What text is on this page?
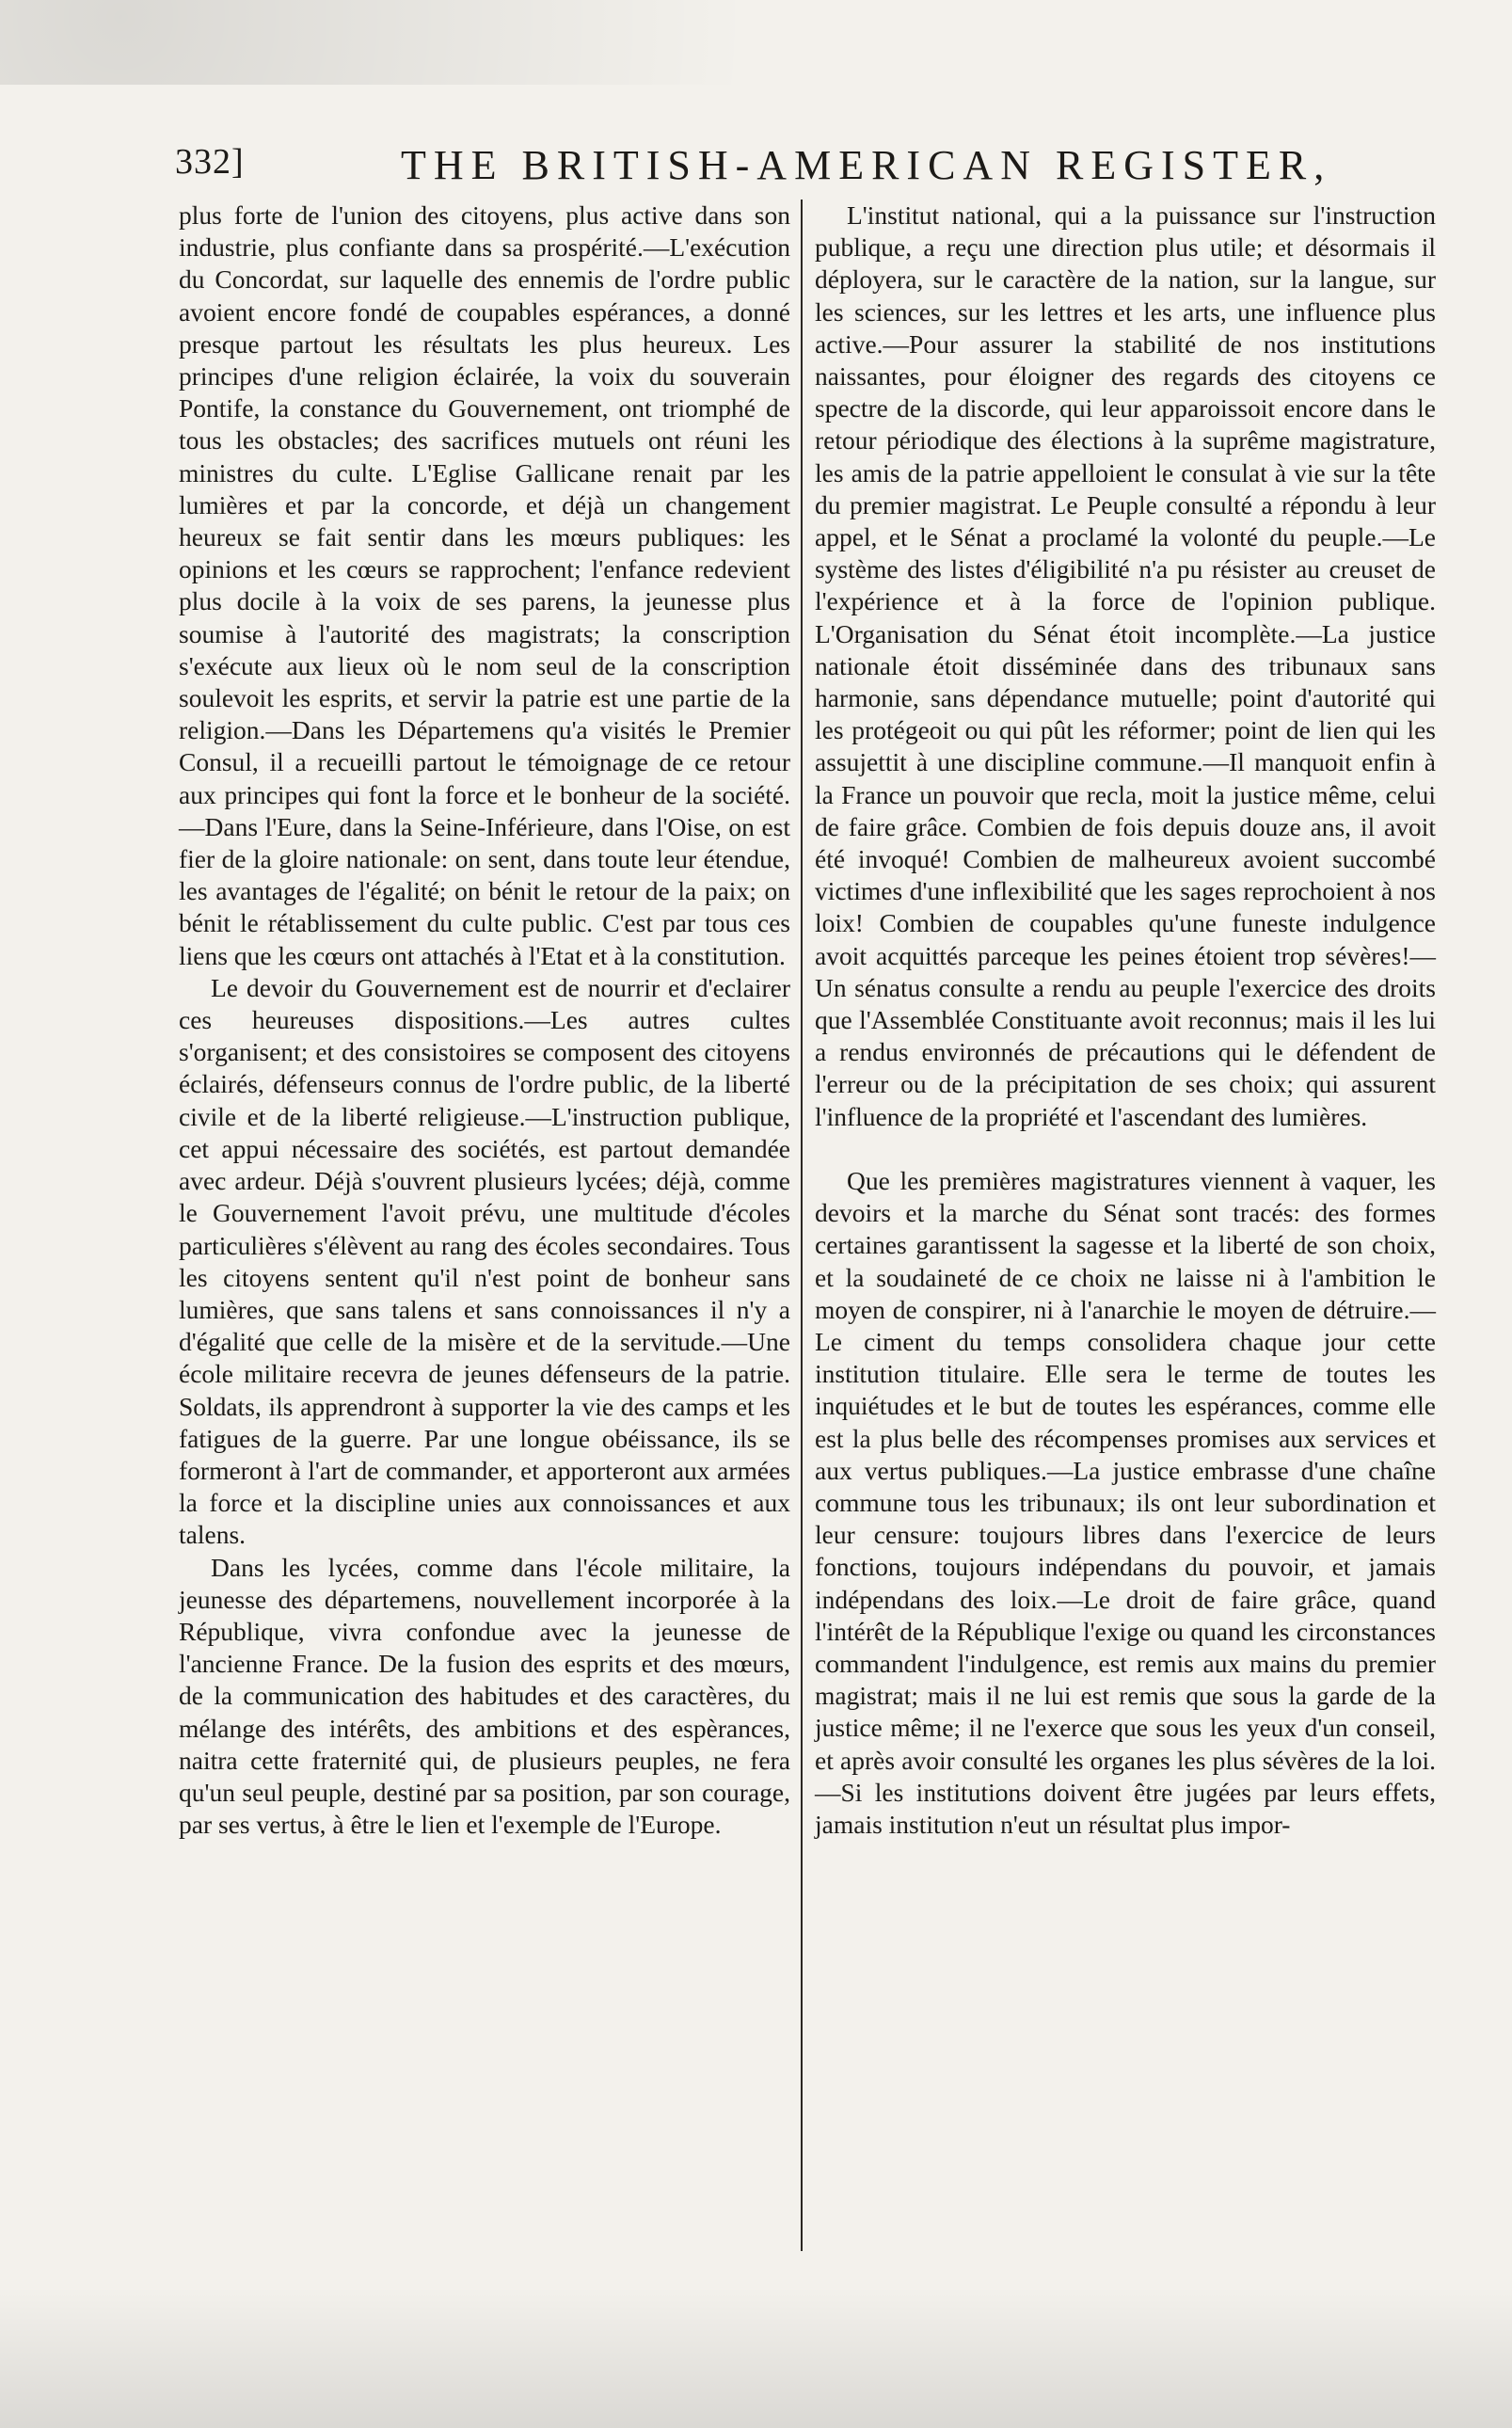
332]	THE BRITISH-AMERICAN REGISTER,

plus forte de l'union des citoyens, plus active dans son industrie, plus confiante dans sa prospérité.—L'exécution du Concordat, sur laquelle des ennemis de l'ordre public avoient encore fondé de coupables espérances, a donné presque partout les résultats les plus heureux. Les principes d'une religion éclairée, la voix du souverain Pontife, la constance du Gouvernement, ont triomphé de tous les obstacles; des sacrifices mutuels ont réuni les ministres du culte. L'Eglise Gallicane renait par les lumières et par la concorde, et déjà un changement heureux se fait sentir dans les mœurs publiques: les opinions et les cœurs se rapprochent; l'enfance redevient plus docile à la voix de ses parens, la jeunesse plus soumise à l'autorité des magistrats; la conscription s'exécute aux lieux où le nom seul de la conscription soulevoit les esprits, et servir la patrie est une partie de la religion.—Dans les Départemens qu'a visités le Premier Consul, il a recueilli partout le témoignage de ce retour aux principes qui font la force et le bonheur de la société.—Dans l'Eure, dans la Seine-Inférieure, dans l'Oise, on est fier de la gloire nationale: on sent, dans toute leur étendue, les avantages de l'égalité; on bénit le retour de la paix; on bénit le rétablissement du culte public. C'est par tous ces liens que les cœurs ont attachés à l'Etat et à la constitution.

Le devoir du Gouvernement est de nourrir et d'eclairer ces heureuses dispositions.—Les autres cultes s'organisent; et des consistoires se composent des citoyens éclairés, défenseurs connus de l'ordre public, de la liberté civile et de la liberté religieuse.—L'instruction publique, cet appui nécessaire des sociétés, est partout demandée avec ardeur. Déjà s'ouvrent plusieurs lycées; déjà, comme le Gouvernement l'avoit prévu, une multitude d'écoles particulières s'élèvent au rang des écoles secondaires. Tous les citoyens sentent qu'il n'est point de bonheur sans lumières, que sans talens et sans connoissances il n'y a d'égalité que celle de la misère et de la servitude.—Une école militaire recevra de jeunes défenseurs de la patrie. Soldats, ils apprendront à supporter la vie des camps et les fatigues de la guerre. Par une longue obéissance, ils se formeront à l'art de commander, et apporteront aux armées la force et la discipline unies aux connoissances et aux talens.

Dans les lycées, comme dans l'école militaire, la jeunesse des départemens, nouvellement incorporée à la République, vivra confondue avec la jeunesse de l'ancienne France. De la fusion des esprits et des mœurs, de la communication des habitudes et des caractères, du mélange des intérêts, des ambitions et des espèrances, naitra cette fraternité qui, de plusieurs peuples, ne fera qu'un seul peuple, destiné par sa position, par son courage, par ses vertus, à être le lien et l'exemple de l'Europe.

L'institut national, qui a la puissance sur l'instruction publique, a reçu une direction plus utile; et désormais il déployera, sur le caractère de la nation, sur la langue, sur les sciences, sur les lettres et les arts, une influence plus active.—Pour assurer la stabilité de nos institutions naissantes, pour éloigner des regards des citoyens ce spectre de la discorde, qui leur apparoissoit encore dans le retour périodique des élections à la suprême magistrature, les amis de la patrie appelloient le consulat à vie sur la tête du premier magistrat. Le Peuple consulté a répondu à leur appel, et le Sénat a proclamé la volonté du peuple.—Le système des listes d'éligibilité n'a pu résister au creuset de l'expérience et à la force de l'opinion publique. L'Organisation du Sénat étoit incomplète.—La justice nationale étoit disséminée dans des tribunaux sans harmonie, sans dépendance mutuelle; point d'autorité qui les protégeoit ou qui pût les réformer; point de lien qui les assujettit à une discipline commune.—Il manquoit enfin à la France un pouvoir que recla, moit la justice même, celui de faire grâce. Combien de fois depuis douze ans, il avoit été invoqué! Combien de malheureux avoient succombé victimes d'une inflexibilité que les sages reprochoient à nos loix! Combien de coupables qu'une funeste indulgence avoit acquittés parceque les peines étoient trop sévères!—Un sénatus consulte a rendu au peuple l'exercice des droits que l'Assemblée Constituante avoit reconnus; mais il les lui a rendus environnés de précautions qui le défendent de l'erreur ou de la précipitation de ses choix; qui assurent l'influence de la propriété et l'ascendant des lumières.

Que les premières magistratures viennent à vaquer, les devoirs et la marche du Sénat sont tracés: des formes certaines garantissent la sagesse et la liberté de son choix, et la soudaineté de ce choix ne laisse ni à l'ambition le moyen de conspirer, ni à l'anarchie le moyen de détruire.—Le ciment du temps consolidera chaque jour cette institution titulaire. Elle sera le terme de toutes les inquiétudes et le but de toutes les espérances, comme elle est la plus belle des récompenses promises aux services et aux vertus publiques.—La justice embrasse d'une chaîne commune tous les tribunaux; ils ont leur subordination et leur censure: toujours libres dans l'exercice de leurs fonctions, toujours indépendans du pouvoir, et jamais indépendans des loix.—Le droit de faire grâce, quand l'intérêt de la République l'exige ou quand les circonstances commandent l'indulgence, est remis aux mains du premier magistrat; mais il ne lui est remis que sous la garde de la justice même; il ne l'exerce que sous les yeux d'un conseil, et après avoir consulté les organes les plus sévères de la loi.—Si les institutions doivent être jugées par leurs effets, jamais institution n'eut un résultat plus impor-
